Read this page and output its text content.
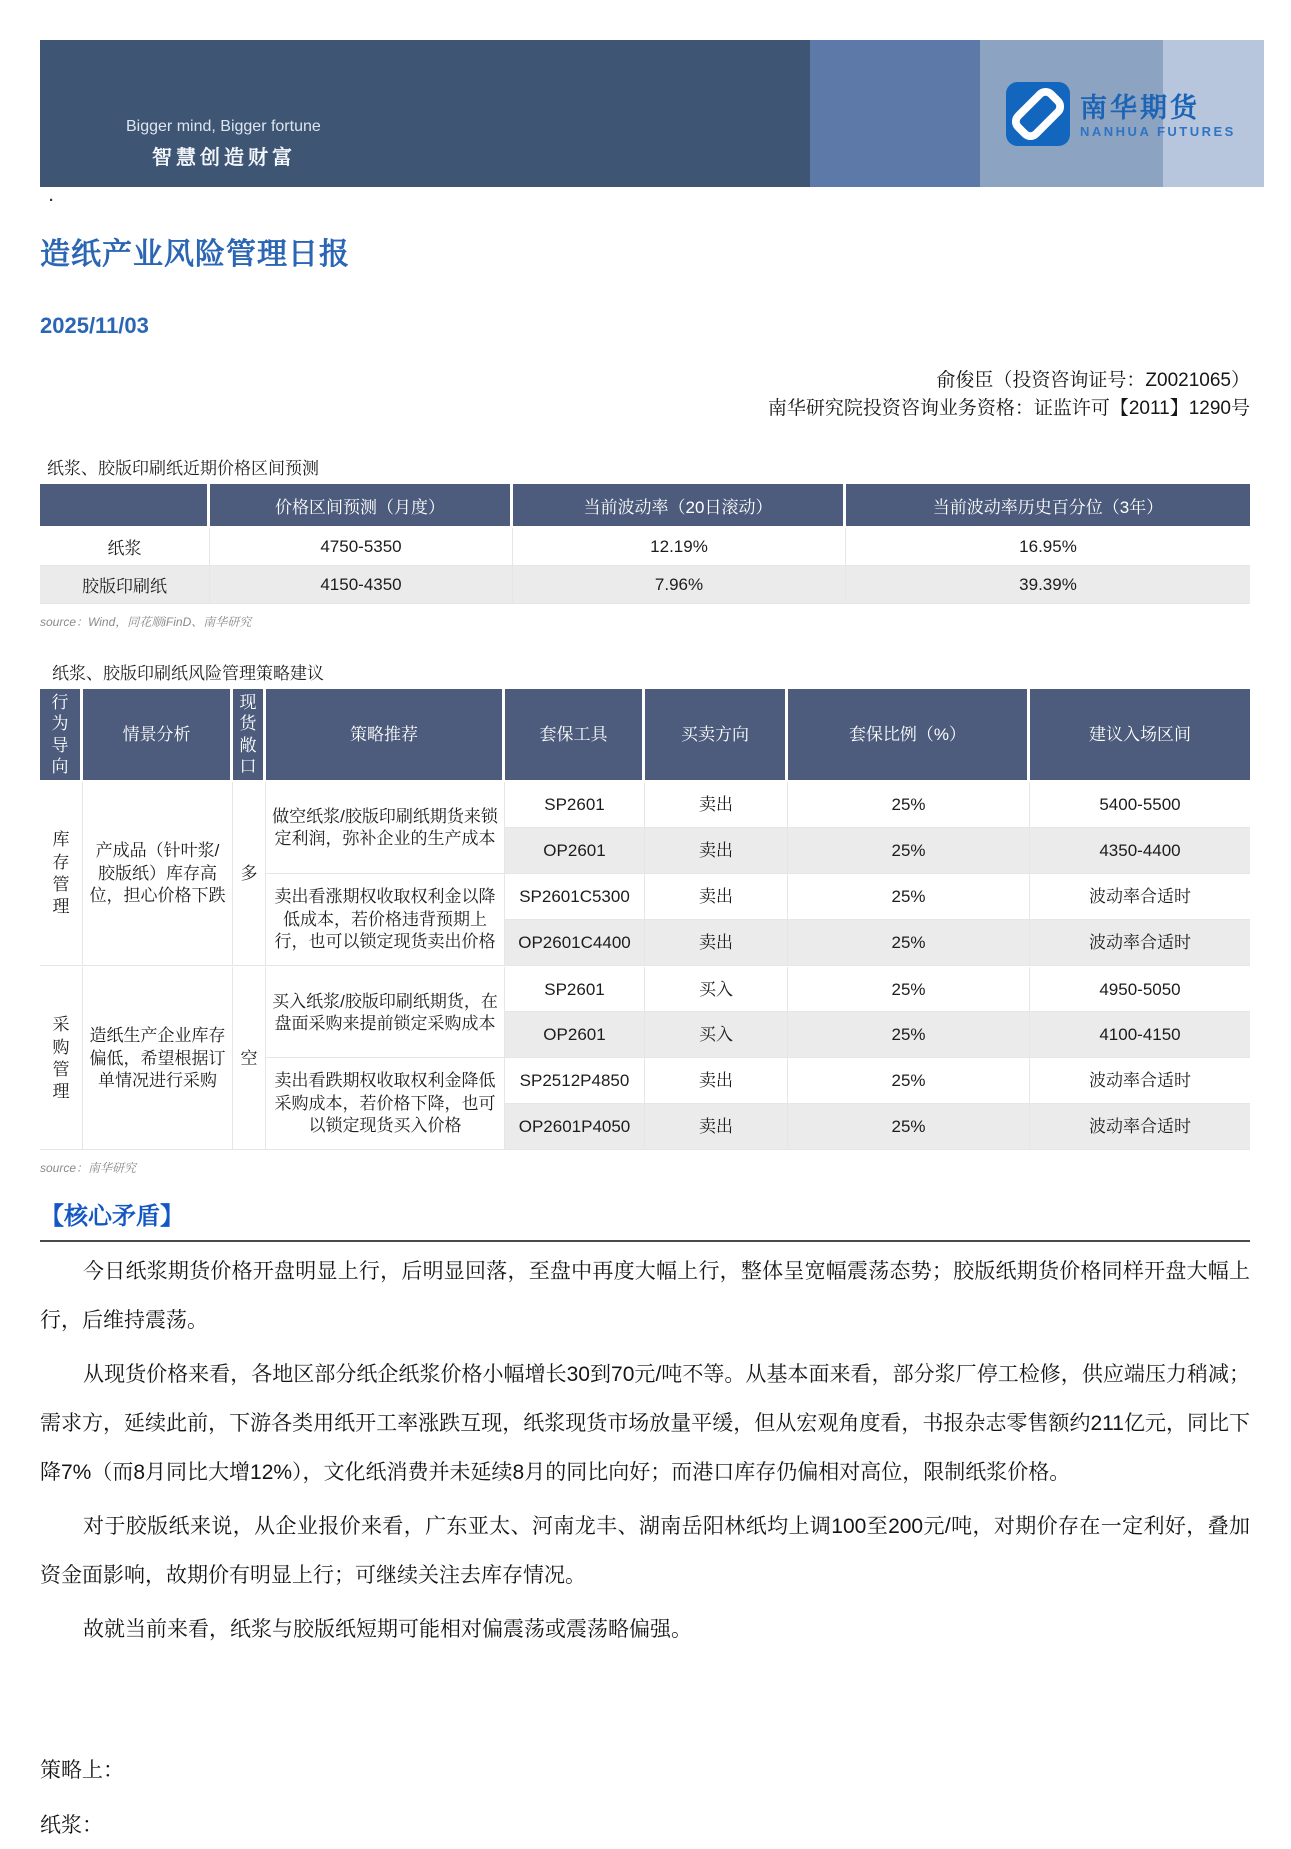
Bigger mind, Bigger fortune
智慧创造财富
南华期货
NANHUA FUTURES
·
造纸产业风险管理日报
2025/11/03
俞俊臣（投资咨询证号：Z0021065）
南华研究院投资咨询业务资格：证监许可【2011】1290号
纸浆、胶版印刷纸近期价格区间预测
	价格区间预测（月度）	当前波动率（20日滚动）	当前波动率历史百分位（3年）
纸浆	4750-5350	12.19%	16.95%
胶版印刷纸	4150-4350	7.96%	39.39%
source：Wind，同花顺iFinD、南华研究
纸浆、胶版印刷纸风险管理策略建议
行为导向	情景分析	现货敞口	策略推荐	套保工具	买卖方向	套保比例（%）	建议入场区间
库存管理	产成品（针叶浆/胶版纸）库存高位，担心价格下跌	多	做空纸浆/胶版印刷纸期货来锁定利润，弥补企业的生产成本	SP2601	卖出	25%	5400-5500
				OP2601	卖出	25%	4350-4400
			卖出看涨期权收取权利金以降低成本，若价格违背预期上行，也可以锁定现货卖出价格	SP2601C5300	卖出	25%	波动率合适时
				OP2601C4400	卖出	25%	波动率合适时
采购管理	造纸生产企业库存偏低，希望根据订单情况进行采购	空	买入纸浆/胶版印刷纸期货，在盘面采购来提前锁定采购成本	SP2601	买入	25%	4950-5050
				OP2601	买入	25%	4100-4150
			卖出看跌期权收取权利金降低采购成本，若价格下降，也可以锁定现货买入价格	SP2512P4850	卖出	25%	波动率合适时
				OP2601P4050	卖出	25%	波动率合适时
source：南华研究
【核心矛盾】

今日纸浆期货价格开盘明显上行，后明显回落，至盘中再度大幅上行，整体呈宽幅震荡态势；胶版纸期货价格同样开盘大幅上行，后维持震荡。

从现货价格来看，各地区部分纸企纸浆价格小幅增长30到70元/吨不等。从基本面来看，部分浆厂停工检修，供应端压力稍减；需求方，延续此前，下游各类用纸开工率涨跌互现，纸浆现货市场放量平缓，但从宏观角度看，书报杂志零售额约211亿元，同比下降7%（而8月同比大增12%），文化纸消费并未延续8月的同比向好；而港口库存仍偏相对高位，限制纸浆价格。

对于胶版纸来说，从企业报价来看，广东亚太、河南龙丰、湖南岳阳林纸均上调100至200元/吨，对期价存在一定利好，叠加资金面影响，故期价有明显上行；可继续关注去库存情况。

故就当前来看，纸浆与胶版纸短期可能相对偏震荡或震荡略偏强。

策略上：
纸浆：
